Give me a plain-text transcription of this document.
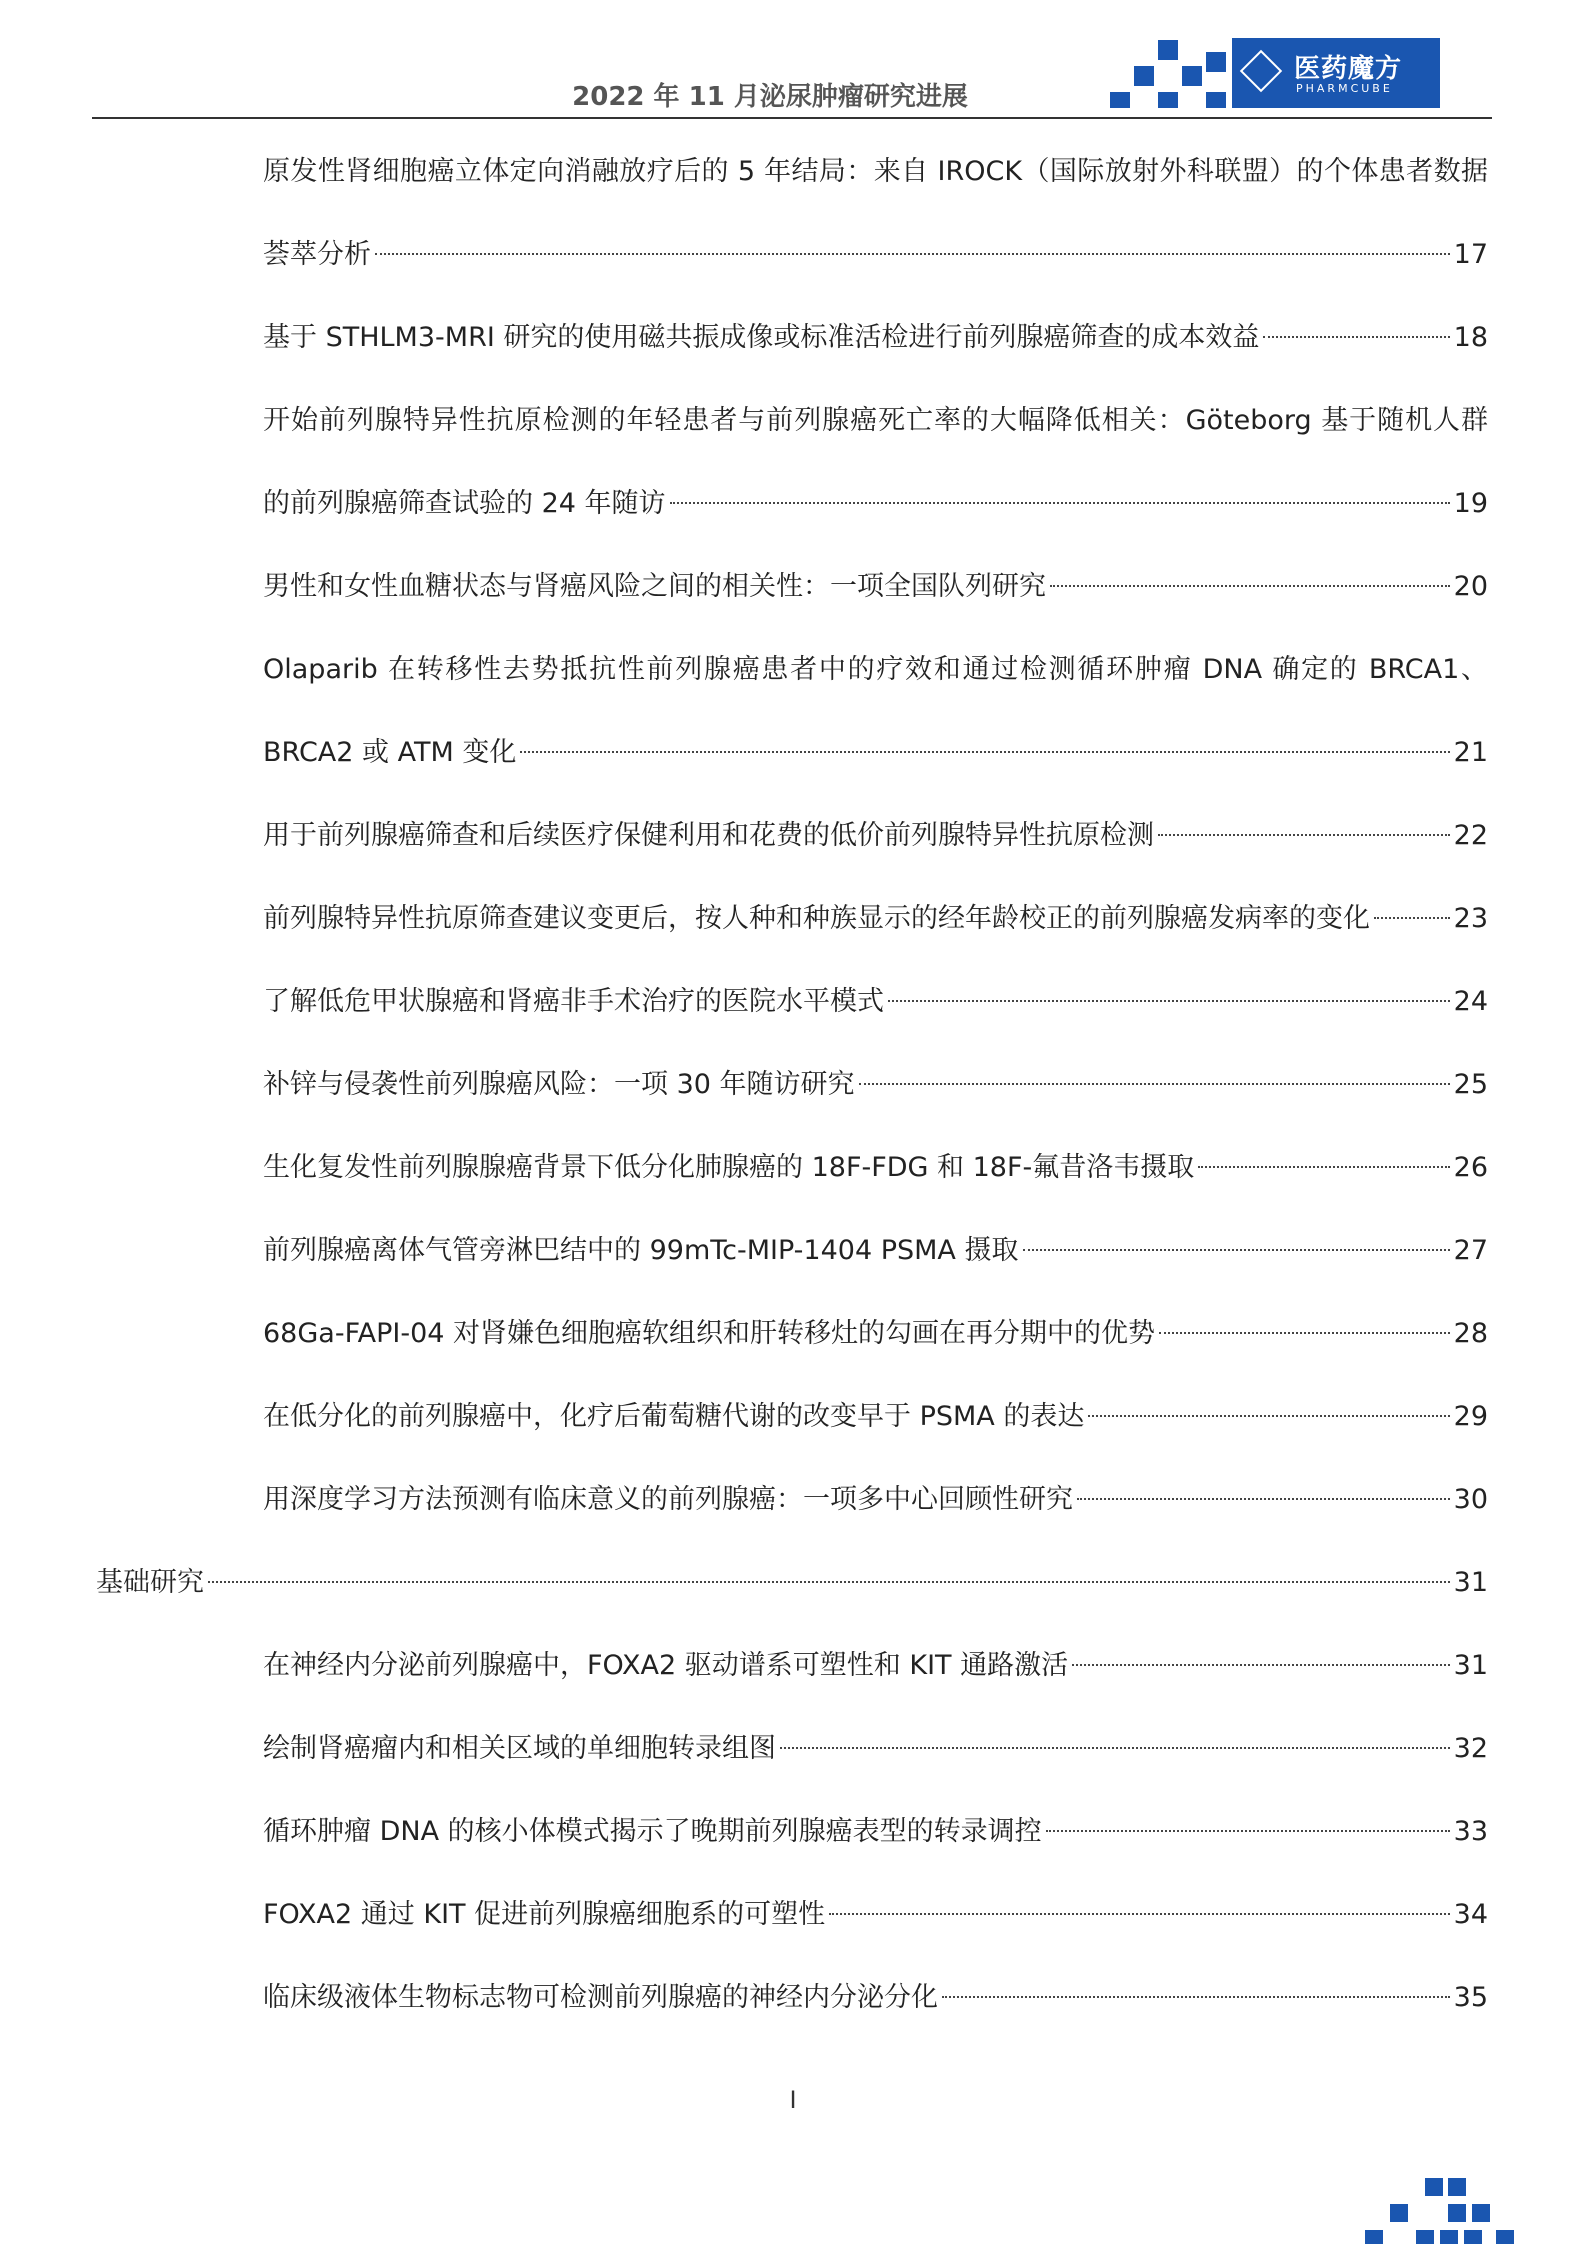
2022 年 11 月泌尿肿瘤研究进展
医药魔方
PHARMCUBE
原发性肾细胞癌立体定向消融放疗后的 5 年结局：来自 IROCK（国际放射外科联盟）的个体患者数据
荟萃分析	17
基于 STHLM3-MRI 研究的使用磁共振成像或标准活检进行前列腺癌筛查的成本效益	18
开始前列腺特异性抗原检测的年轻患者与前列腺癌死亡率的大幅降低相关：Göteborg 基于随机人群
的前列腺癌筛查试验的 24 年随访	19
男性和女性血糖状态与肾癌风险之间的相关性：一项全国队列研究	20
Olaparib 在转移性去势抵抗性前列腺癌患者中的疗效和通过检测循环肿瘤 DNA 确定的 BRCA1、
BRCA2 或 ATM 变化	21
用于前列腺癌筛查和后续医疗保健利用和花费的低价前列腺特异性抗原检测	22
前列腺特异性抗原筛查建议变更后，按人种和种族显示的经年龄校正的前列腺癌发病率的变化	23
了解低危甲状腺癌和肾癌非手术治疗的医院水平模式	24
补锌与侵袭性前列腺癌风险：一项 30 年随访研究	25
生化复发性前列腺腺癌背景下低分化肺腺癌的 18F-FDG 和 18F-氟昔洛韦摄取	26
前列腺癌离体气管旁淋巴结中的 99mTc-MIP-1404 PSMA 摄取	27
68Ga-FAPI-04 对肾嫌色细胞癌软组织和肝转移灶的勾画在再分期中的优势	28
在低分化的前列腺癌中，化疗后葡萄糖代谢的改变早于 PSMA 的表达	29
用深度学习方法预测有临床意义的前列腺癌：一项多中心回顾性研究	30
基础研究	31
在神经内分泌前列腺癌中，FOXA2 驱动谱系可塑性和 KIT 通路激活	31
绘制肾癌瘤内和相关区域的单细胞转录组图	32
循环肿瘤 DNA 的核小体模式揭示了晚期前列腺癌表型的转录调控	33
FOXA2 通过 KIT 促进前列腺癌细胞系的可塑性	34
临床级液体生物标志物可检测前列腺癌的神经内分泌分化	35
I
